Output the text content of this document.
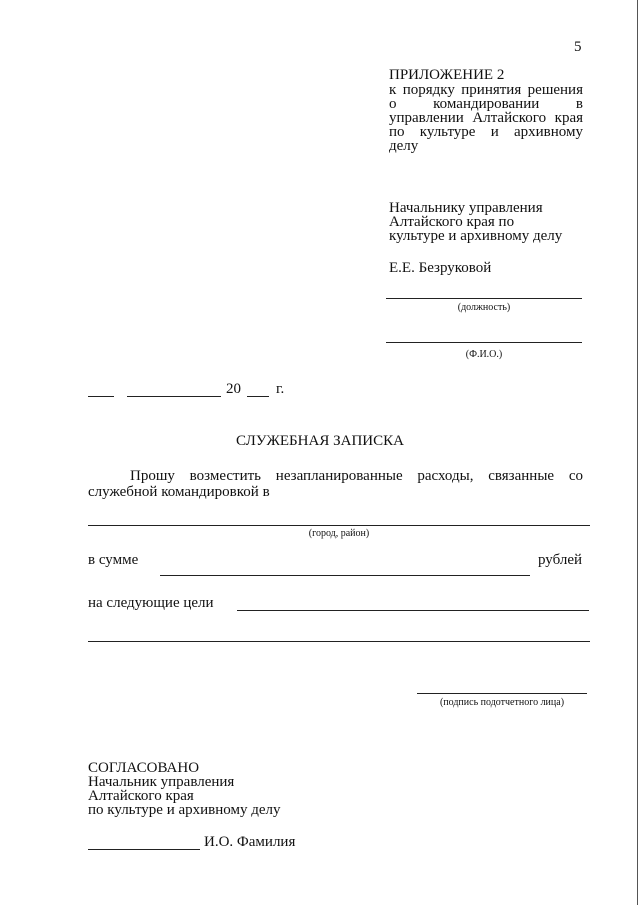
5
ПРИЛОЖЕНИЕ 2
к порядку принятия решения
о командировании в
управлении Алтайского края
по культуре и архивному
делу
Начальнику управления
Алтайского края по
культуре и архивному делу
Е.Е. Безруковой
(должность)
(Ф.И.О.)
20 г.
СЛУЖЕБНАЯ ЗАПИСКА
Прошу возместить незапланированные расходы, связанные со
служебной командировкой в
(город, район)
в сумме	рублей
на следующие цели
(подпись подотчетного лица)
СОГЛАСОВАНО
Начальник управления
Алтайского края
по культуре и архивному делу
И.О. Фамилия
